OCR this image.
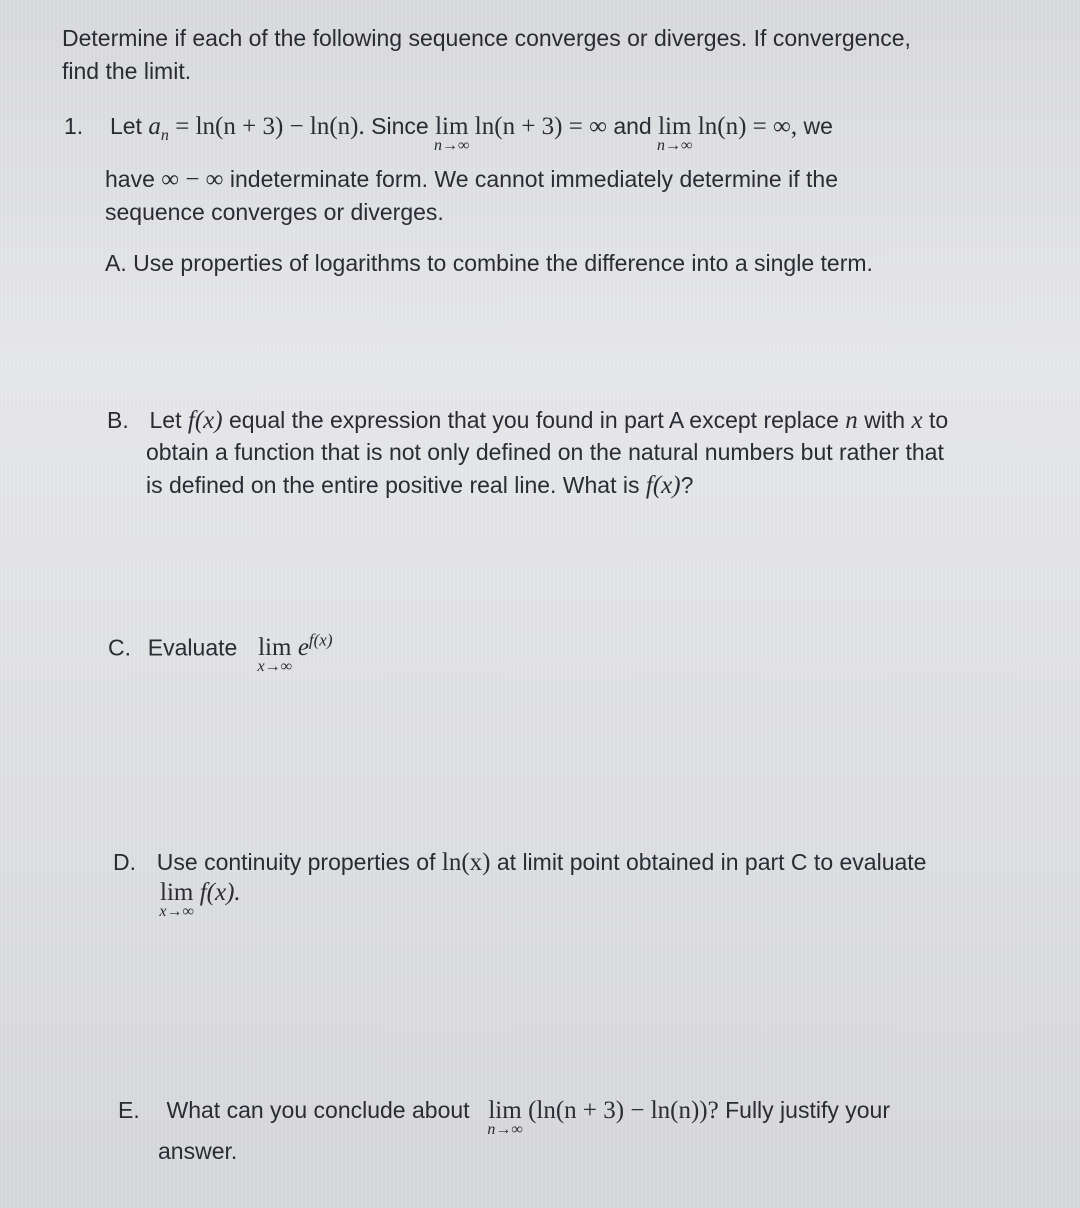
Determine if each of the following sequence converges or diverges. If convergence,

find the limit.

1. Let $a_n = \ln(n + 3) - \ln(n)$. Since lim
n→∞
ln(n + 3) = ∞ and lim
n→∞
ln(n) = ∞, we
have ∞ − ∞ indeterminate form. We cannot immediately determine if the

sequence converges or diverges.

A. Use properties of logarithms to combine the difference into a single term.
B. Let f(x) equal the expression that you found in part A except replace n with x to

obtain a function that is not only defined on the natural numbers but rather that

is defined on the entire positive real line. What is f(x)?
C. Evaluate lim
x→∞
$e^{f(x)}$
D. Use continuity properties of ln(x) at limit point obtained in part C to evaluate
lim
x→∞
f(x).
E. What can you conclude about lim
n→∞
(ln(n + 3) − ln(n))? Fully justify your

answer.
